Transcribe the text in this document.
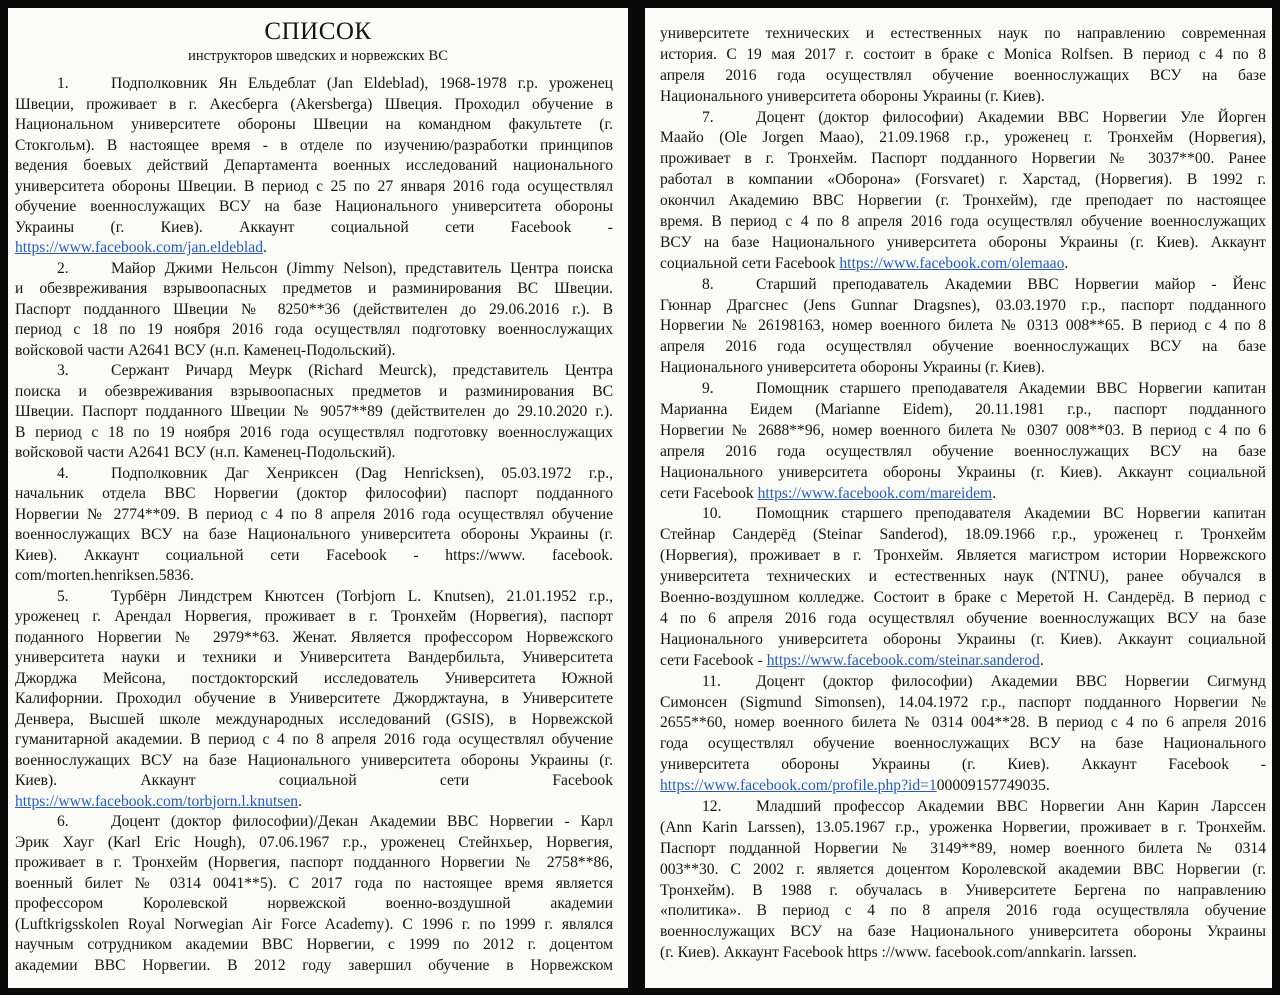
СПИСОК
инструкторов шведских и норвежских ВС
1.	Подполковник Ян Ельдеблат (Jan Eldeblad), 1968-1978 г.р. уроженец
Швеции, проживает в г. Акесберга (Akersberga) Швеция. Проходил обучение в
Национальном университете обороны Швеции на командном факультете (г.
Стокгольм). В настоящее время - в отделе по изучению/разработки принципов
ведения боевых действий Департамента военных исследований национального
университета обороны Швеции. В период с 25 по 27 января 2016 года осуществлял
обучение военнослужащих ВСУ на базе Национального университета обороны
Украины (г. Киев). Аккаунт социальной сети Facebook -
https://www.facebook.com/jan.eldeblad.
2.	Майор Джими Нельсон (Jimmy Nelson), представитель Центра поиска
и обезвреживания взрывоопасных предметов и разминирования ВС Швеции.
Паспорт подданного Швеции № 8250**36 (действителен до 29.06.2016 г.). В
период с 18 по 19 ноября 2016 года осуществлял подготовку военнослужащих
войсковой части А2641 ВСУ (н.п. Каменец-Подольский).
3.	Сержант Ричард Меурк (Richard Meurck), представитель Центра
поиска и обезвреживания взрывоопасных предметов и разминирования ВС
Швеции. Паспорт подданного Швеции № 9057**89 (действителен до 29.10.2020 г.).
В период с 18 по 19 ноября 2016 года осуществлял подготовку военнослужащих
войсковой части А2641 ВСУ (н.п. Каменец-Подольский).
4.	Подполковник Даг Хенриксен (Dag Henricksen), 05.03.1972 г.р.,
начальник отдела ВВС Норвегии (доктор философии) паспорт подданного
Норвегии № 2774**09. В период с 4 по 8 апреля 2016 года осуществлял обучение
военнослужащих ВСУ на базе Национального университета обороны Украины (г.
Киев). Аккаунт социальной сети Facebook - https://www. facebook.
com/morten.henriksen.5836.
5.	Турбёрн Линдстрем Кнютсен (Torbjorn L. Knutsen), 21.01.1952 г.р.,
уроженец г. Арендал Норвегия, проживает в г. Тронхейм (Норвегия), паспорт
поданного Норвегии № 2979**63. Женат. Является профессором Норвежского
университета науки и техники и Университета Вандербильта, Университета
Джорджа Мейсона, постдокторский исследователь Университета Южной
Калифорнии. Проходил обучение в Университете Джорджтауна, в Университете
Денвера, Высшей школе международных исследований (GSIS), в Норвежской
гуманитарной академии. В период с 4 по 8 апреля 2016 года осуществлял обучение
военнослужащих ВСУ на базе Национального университета обороны Украины (г.
Киев). Аккаунт социальной сети Facebook
https://www.facebook.com/torbjorn.l.knutsen.
6.	Доцент (доктор философии)/Декан Академии ВВС Норвегии - Карл
Эрик Хауг (Karl Eric Hough), 07.06.1967 г.р., уроженец Стейнхьер, Норвегия,
проживает в г. Тронхейм (Норвегия, паспорт подданного Норвегии № 2758**86,
военный билет № 0314 0041**5). С 2017 года по настоящее время является
профессором Королевской норвежской военно-воздушной академии
(Luftkrigsskolen Royal Norwegian Air Force Academy). С 1996 г. по 1999 г. являлся
научным сотрудником академии ВВС Норвегии, с 1999 по 2012 г. доцентом
академии ВВС Норвегии. В 2012 году завершил обучение в Норвежском
университете технических и естественных наук по направлению современная
история. С 19 мая 2017 г. состоит в браке с Monica Rolfsen. В период с 4 по 8
апреля 2016 года осуществлял обучение военнослужащих ВСУ на базе
Национального университета обороны Украины (г. Киев).
7.	Доцент (доктор философии) Академии ВВС Норвегии Уле Йорген
Маайо (Ole Jorgen Maao), 21.09.1968 г.р., уроженец г. Тронхейм (Норвегия),
проживает в г. Тронхейм. Паспорт подданного Норвегии № 3037**00. Ранее
работал в компании «Оборона» (Forsvaret) г. Харстад, (Норвегия). В 1992 г.
окончил Академию ВВС Норвегии (г. Тронхейм), где преподает по настоящее
время. В период с 4 по 8 апреля 2016 года осуществлял обучение военнослужащих
ВСУ на базе Национального университета обороны Украины (г. Киев). Аккаунт
социальной сети Facebook https://www.facebook.com/olemaao.
8.	Старший преподаватель Академии ВВС Норвегии майор - Йенс
Гюннар Драгснес (Jens Gunnar Dragsnes), 03.03.1970 г.р., паспорт подданного
Норвегии № 26198163, номер военного билета № 0313 008**65. В период с 4 по 8
апреля 2016 года осуществлял обучение военнослужащих ВСУ на базе
Национального университета обороны Украины (г. Киев).
9.	Помощник старшего преподавателя Академии ВВС Норвегии капитан
Марианна Еидем (Marianne Eidem), 20.11.1981 г.р., паспорт подданного
Норвегии № 2688**96, номер военного билета № 0307 008**03. В период с 4 по 6
апреля 2016 года осуществлял обучение военнослужащих ВСУ на базе
Национального университета обороны Украины (г. Киев). Аккаунт социальной
сети Facebook https://www.facebook.com/mareidem.
10. Помощник старшего преподавателя Академии ВС Норвегии капитан
Стейнар Сандерёд (Steinar Sanderod), 18.09.1966 г.р., уроженец г. Тронхейм
(Норвегия), проживает в г. Тронхейм. Является магистром истории Норвежского
университета технических и естественных наук (NTNU), ранее обучался в
Военно-воздушном колледже. Состоит в браке с Меретой Н. Сандерёд. В период с
4 по 6 апреля 2016 года осуществлял обучение военнослужащих ВСУ на базе
Национального университета обороны Украины (г. Киев). Аккаунт социальной
сети Facebook - https://www.facebook.com/steinar.sanderod.
11. Доцент (доктор философии) Академии ВВС Норвегии Сигмунд
Симонсен (Sigmund Simonsen), 14.04.1972 г.р., паспорт подданного Норвегии №
2655**60, номер военного билета № 0314 004**28. В период с 4 по 6 апреля 2016
года осуществлял обучение военнослужащих ВСУ на базе Национального
университета обороны Украины (г. Киев). Аккаунт Facebook -
https://www.facebook.com/profile.php?id=100009157749035.
12. Младший профессор Академии ВВС Норвегии Анн Карин Ларссен
(Ann Karin Larssen), 13.05.1967 г.р., уроженка Норвегии, проживает в г. Тронхейм.
Паспорт подданной Норвегии № 3149**89, номер военного билета № 0314
003**30. С 2002 г. является доцентом Королевской академии ВВС Норвегии (г.
Тронхейм). В 1988 г. обучалась в Университете Бергена по направлению
«политика». В период с 4 по 8 апреля 2016 года осуществляла обучение
военнослужащих ВСУ на базе Национального университета обороны Украины
(г. Киев). Аккаунт Facebook https ://www. facebook.com/annkarin. larssen.
